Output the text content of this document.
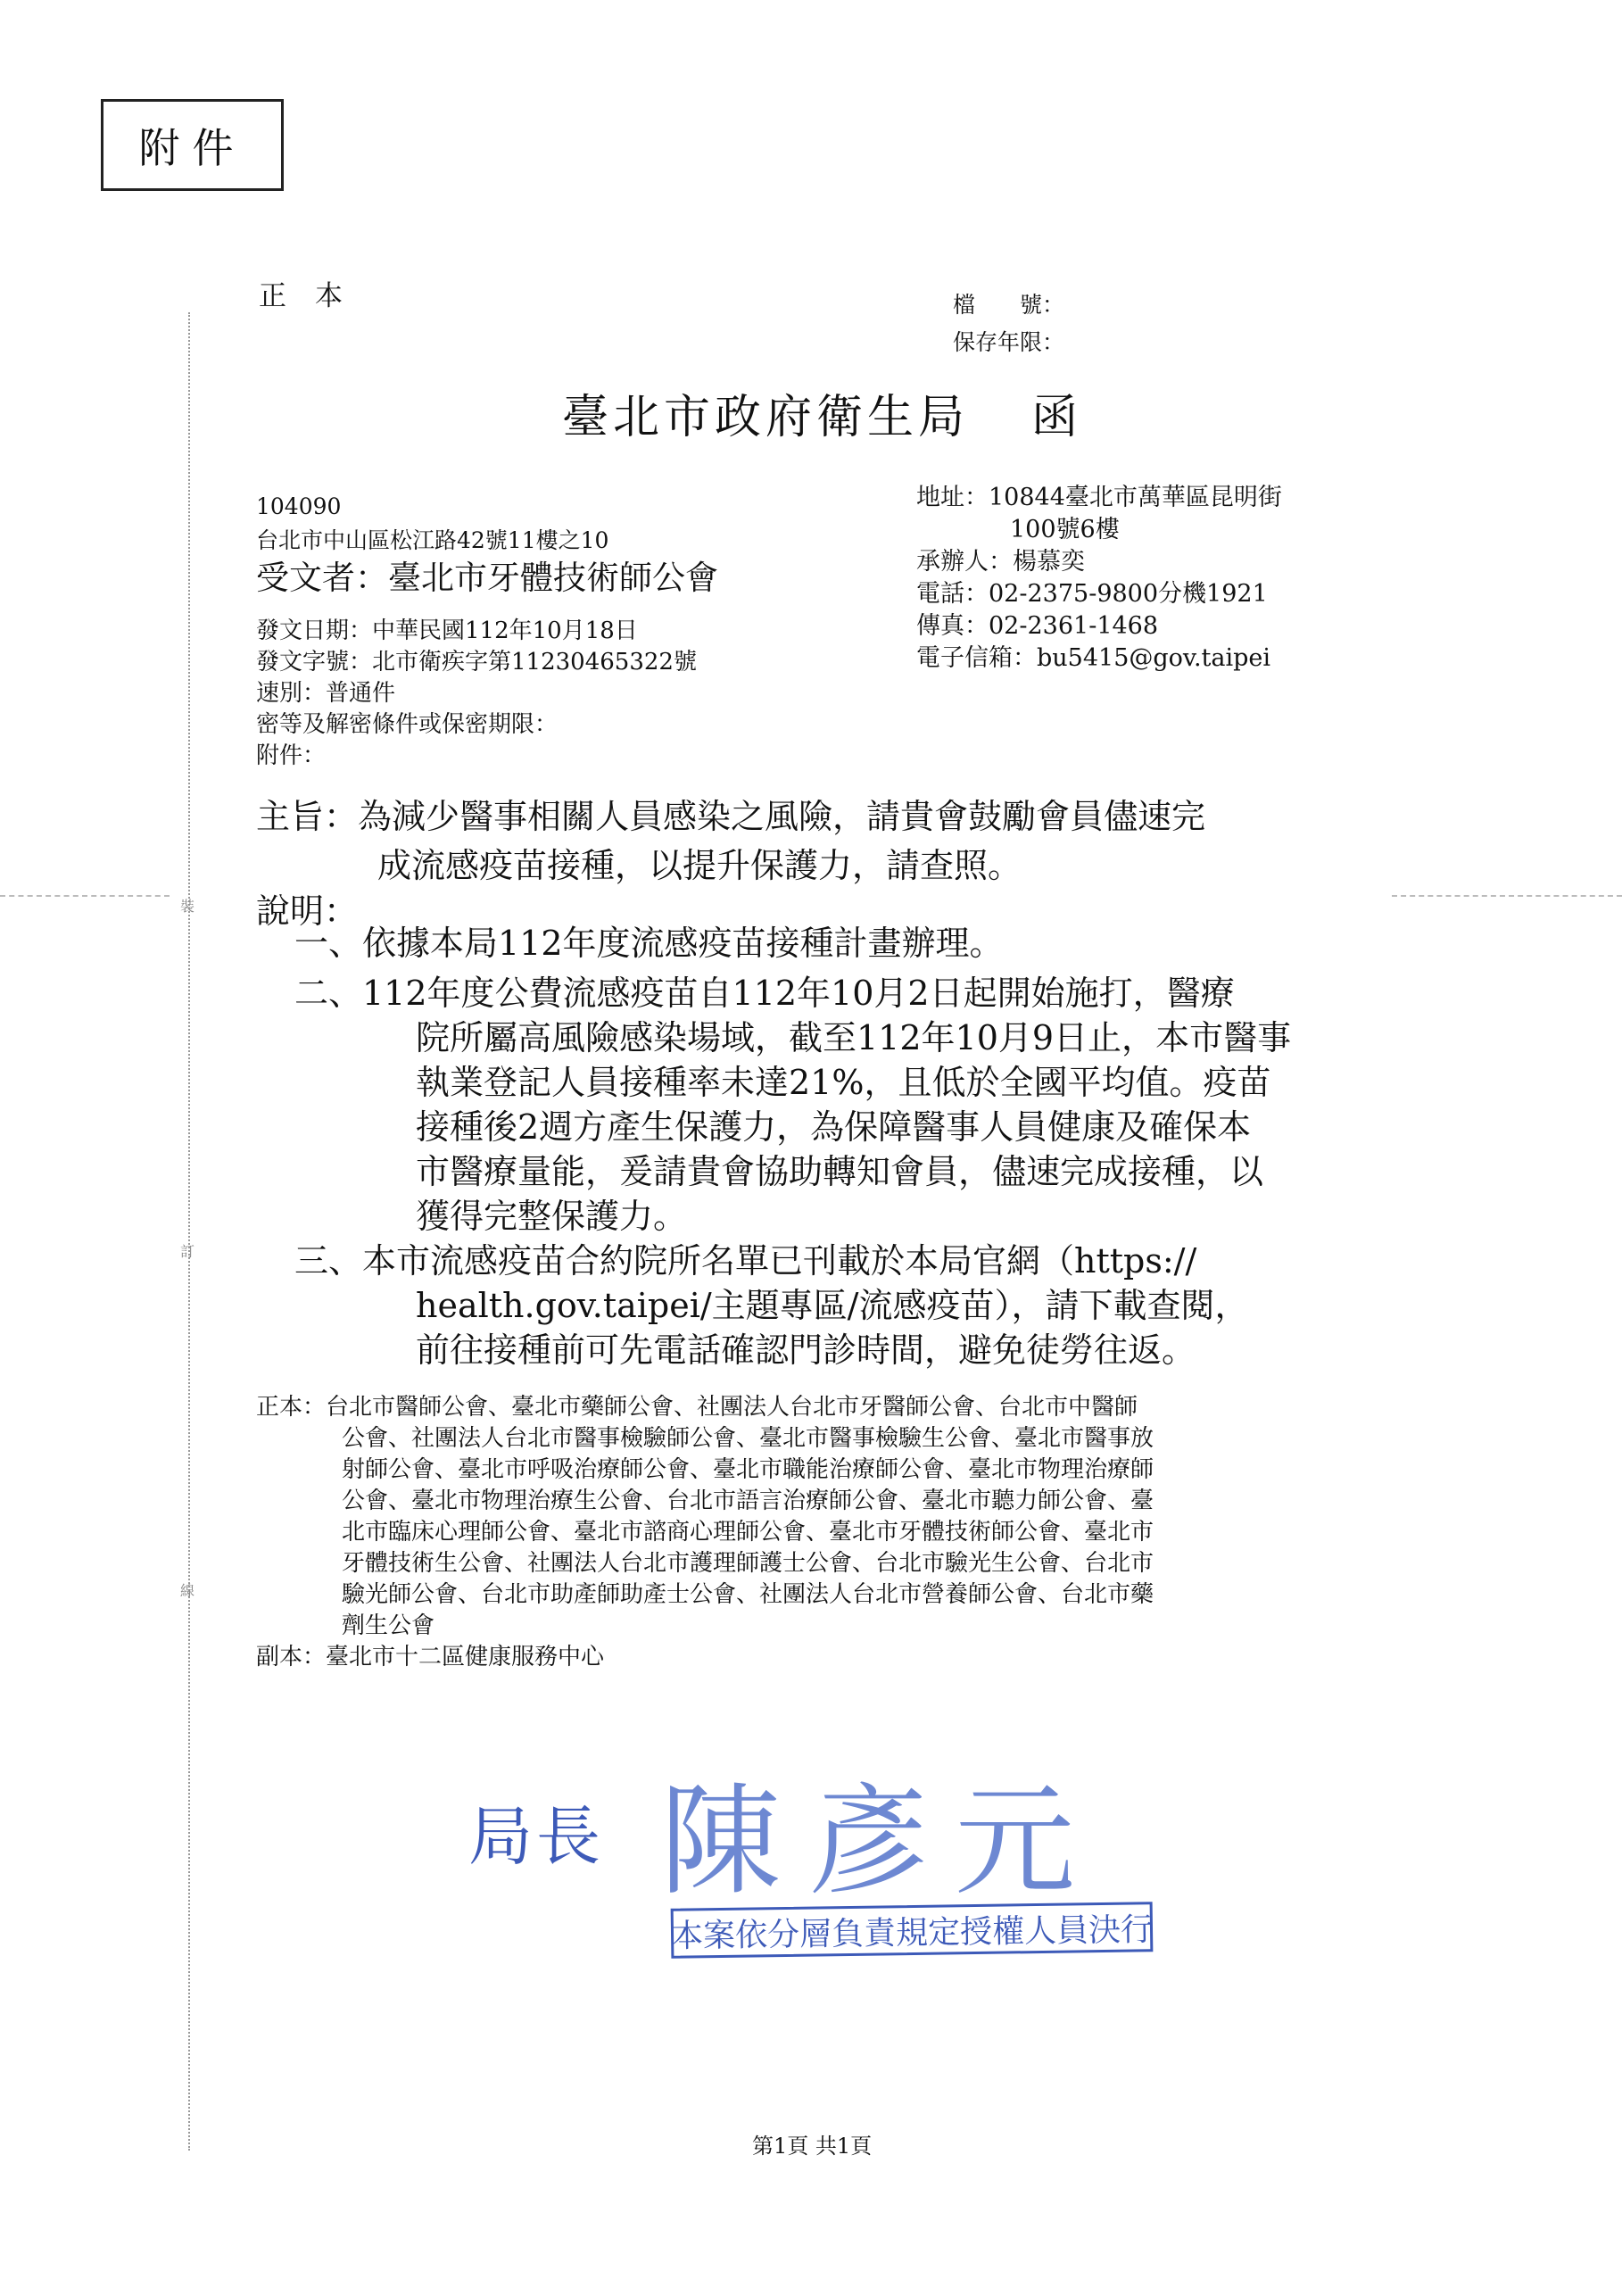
附件
裝
訂
線
正本	檔　　號：
保存年限：
臺北市政府衛生局 函
104090
台北市中山區松江路42號11樓之10
受文者：臺北市牙體技術師公會
地址：10844臺北市萬華區昆明街
100號6樓
承辦人：楊慕奕
電話：02-2375-9800分機1921
傳真：02-2361-1468
電子信箱：bu5415@gov.taipei
發文日期：中華民國112年10月18日
發文字號：北市衛疾字第11230465322號
速別：普通件
密等及解密條件或保密期限：
附件：
主旨：為減少醫事相關人員感染之風險，請貴會鼓勵會員儘速完
成流感疫苗接種，以提升保護力，請查照。
說明：
一、依據本局112年度流感疫苗接種計畫辦理。
二、112年度公費流感疫苗自112年10月2日起開始施打，醫療
院所屬高風險感染場域，截至112年10月9日止，本市醫事
執業登記人員接種率未達21%，且低於全國平均值。疫苗
接種後2週方產生保護力，為保障醫事人員健康及確保本
市醫療量能，爰請貴會協助轉知會員，儘速完成接種，以
獲得完整保護力。
三、本市流感疫苗合約院所名單已刊載於本局官網（https://
health.gov.taipei/主題專區/流感疫苗），請下載查閱，
前往接種前可先電話確認門診時間，避免徒勞往返。
正本：台北市醫師公會、臺北市藥師公會、社團法人台北市牙醫師公會、台北市中醫師
公會、社團法人台北市醫事檢驗師公會、臺北市醫事檢驗生公會、臺北市醫事放
射師公會、臺北市呼吸治療師公會、臺北市職能治療師公會、臺北市物理治療師
公會、臺北市物理治療生公會、台北市語言治療師公會、臺北市聽力師公會、臺
北市臨床心理師公會、臺北市諮商心理師公會、臺北市牙體技術師公會、臺北市
牙體技術生公會、社團法人台北市護理師護士公會、台北市驗光生公會、台北市
驗光師公會、台北市助產師助產士公會、社團法人台北市營養師公會、台北市藥
劑生公會
副本：臺北市十二區健康服務中心
局長 陳彥元
本案依分層負責規定授權人員決行
第1頁 共1頁
